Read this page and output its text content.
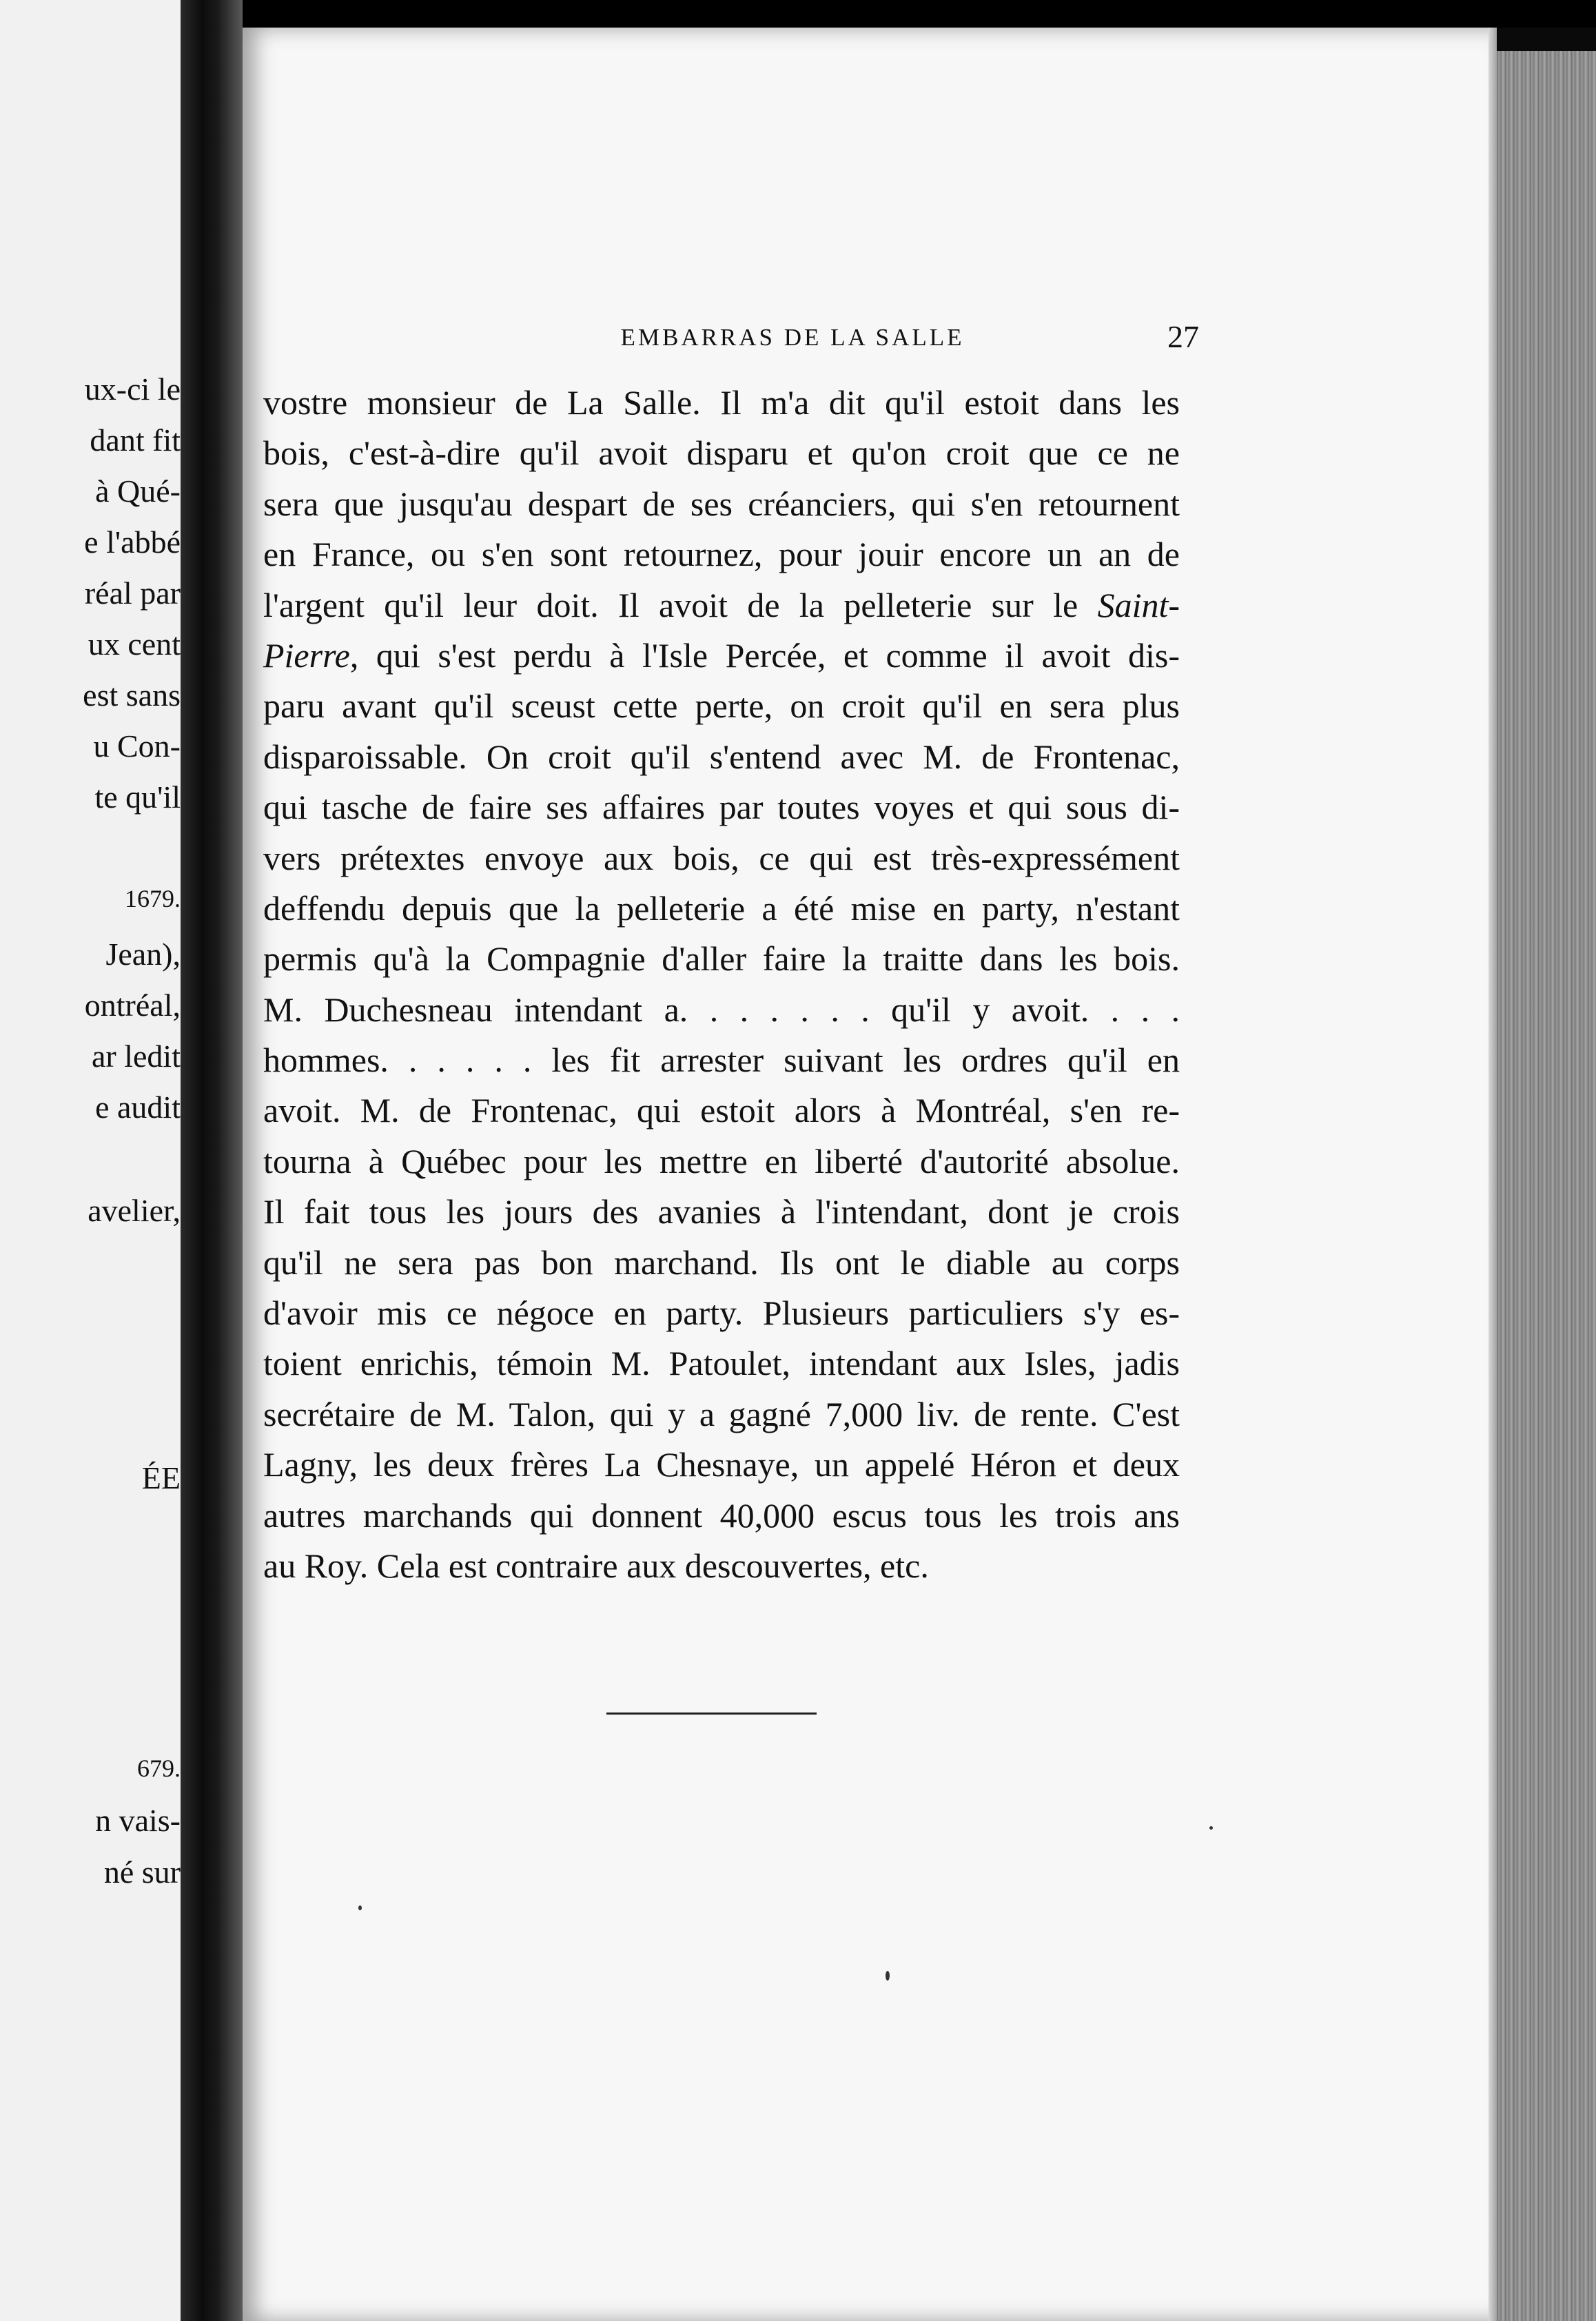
ux-ci le
dant fit
à Qué-
e l'abbé
réal par
ux cent
est sans
u Con-
te qu'il
1679.
Jean),
ontréal,
ar ledit
e audit
avelier,
ÉE
679.
n vais-
né sur
EMBARRAS DE LA SALLE	27
vostre monsieur de La Salle. Il m'a dit qu'il estoit dans les
bois, c'est-à-dire qu'il avoit disparu et qu'on croit que ce ne
sera que jusqu'au despart de ses créanciers, qui s'en retournent
en France, ou s'en sont retournez, pour jouir encore un an de
l'argent qu'il leur doit. Il avoit de la pelleterie sur le Saint-
Pierre, qui s'est perdu à l'Isle Percée, et comme il avoit dis-
paru avant qu'il sceust cette perte, on croit qu'il en sera plus
disparoissable. On croit qu'il s'entend avec M. de Frontenac,
qui tasche de faire ses affaires par toutes voyes et qui sous di-
vers prétextes envoye aux bois, ce qui est très-expressément
deffendu depuis que la pelleterie a été mise en party, n'estant
permis qu'à la Compagnie d'aller faire la traitte dans les bois.
M. Duchesneau intendant a. . . . . . . qu'il y avoit. . . .
hommes. . . . . . les fit arrester suivant les ordres qu'il en
avoit. M. de Frontenac, qui estoit alors à Montréal, s'en re-
tourna à Québec pour les mettre en liberté d'autorité absolue.
Il fait tous les jours des avanies à l'intendant, dont je crois
qu'il ne sera pas bon marchand. Ils ont le diable au corps
d'avoir mis ce négoce en party. Plusieurs particuliers s'y es-
toient enrichis, témoin M. Patoulet, intendant aux Isles, jadis
secrétaire de M. Talon, qui y a gagné 7,000 liv. de rente. C'est
Lagny, les deux frères La Chesnaye, un appelé Héron et deux
autres marchands qui donnent 40,000 escus tous les trois ans
au Roy. Cela est contraire aux descouvertes, etc.
